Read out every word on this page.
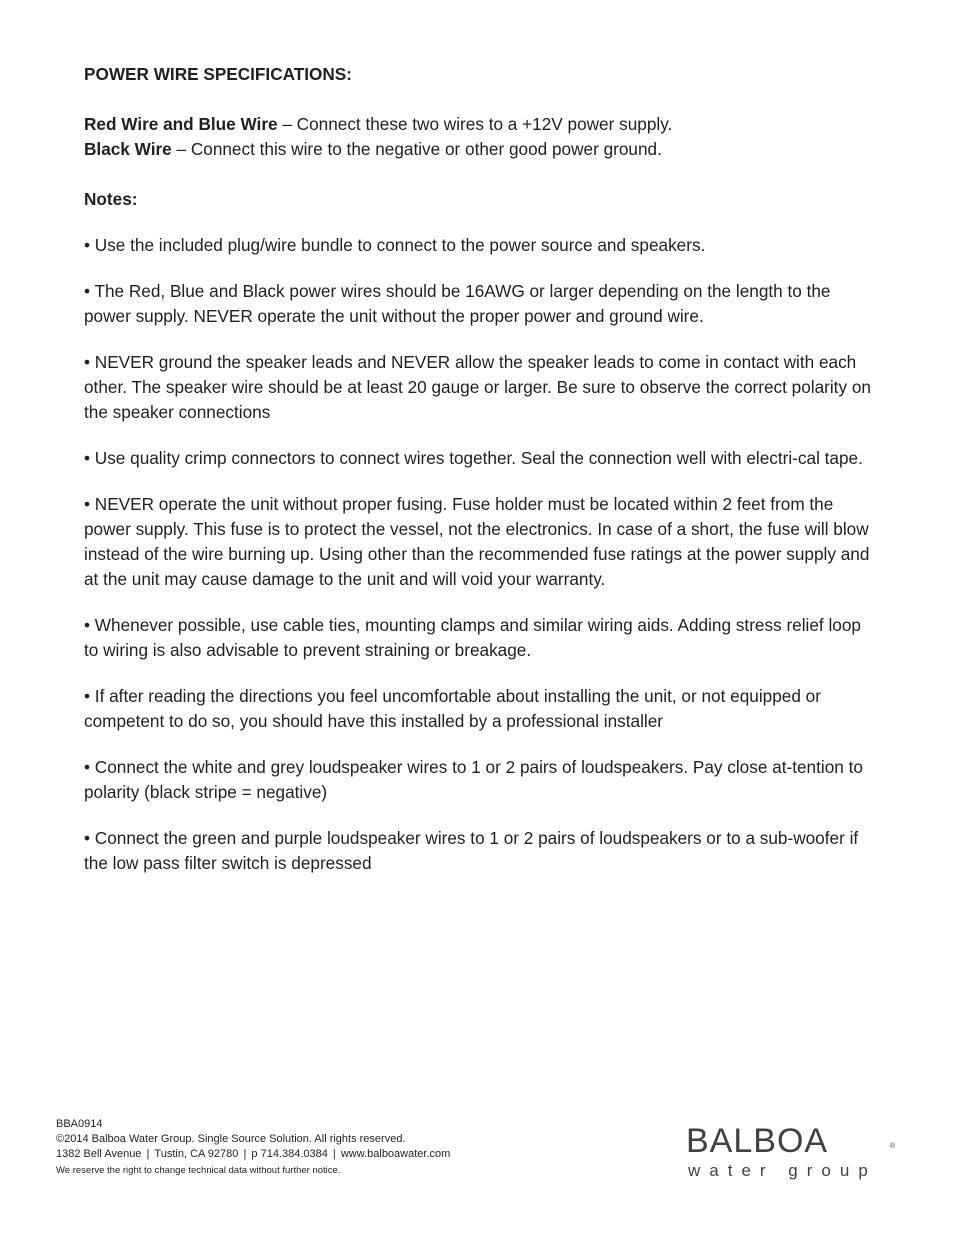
POWER WIRE SPECIFICATIONS:

Red Wire and Blue Wire – Connect these two wires to a +12V power supply.

Black Wire – Connect this wire to the negative or other good power ground.

Notes:

• Use the included plug/wire bundle to connect to the power source and speakers.

• The Red, Blue and Black power wires should be 16AWG or larger depending on the length to the power supply. NEVER operate the unit without the proper power and ground wire.

• NEVER ground the speaker leads and NEVER allow the speaker leads to come in contact with each other. The speaker wire should be at least 20 gauge or larger. Be sure to observe the correct polarity on the speaker connections

• Use quality crimp connectors to connect wires together. Seal the connection well with electri-cal tape.

• NEVER operate the unit without proper fusing. Fuse holder must be located within 2 feet from the power supply. This fuse is to protect the vessel, not the electronics. In case of a short, the fuse will blow instead of the wire burning up. Using other than the recommended fuse ratings at the power supply and at the unit may cause damage to the unit and will void your warranty.

• Whenever possible, use cable ties, mounting clamps and similar wiring aids. Adding stress relief loop to wiring is also advisable to prevent straining or breakage.

• If after reading the directions you feel uncomfortable about installing the unit, or not equipped or competent to do so, you should have this installed by a professional installer

• Connect the white and grey loudspeaker wires to 1 or 2 pairs of loudspeakers. Pay close at-tention to polarity (black stripe = negative)

• Connect the green and purple loudspeaker wires to 1 or 2 pairs of loudspeakers or to a sub-woofer if the low pass filter switch is depressed

BBA0914
©2014 Balboa Water Group. Single Source Solution. All rights reserved.
1382 Bell Avenue | Tustin, CA 92780 | p 714.384.0384 | www.balboawater.com
We reserve the right to change technical data without further notice.
BALBOA	®
water group
